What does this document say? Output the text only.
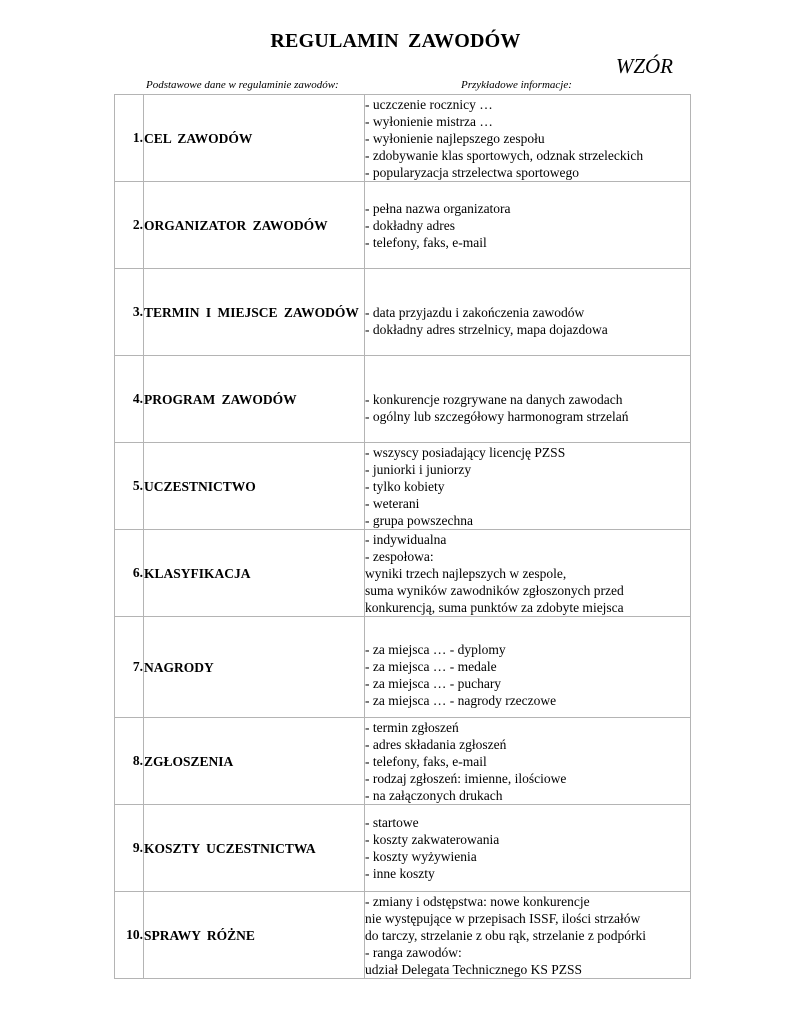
REGULAMIN ZAWODÓW
WZÓR
Podstawowe dane w regulaminie zawodów:	Przykładowe informacje:
1.	CEL ZAWODÓW	- uczczenie rocznicy …
- wyłonienie mistrza …
- wyłonienie najlepszego zespołu
- zdobywanie klas sportowych, odznak strzeleckich
- popularyzacja strzelectwa sportowego

2.	ORGANIZATOR ZAWODÓW	- pełna nazwa organizatora
- dokładny adres
- telefony, faks, e-mail

3.	TERMIN I MIEJSCE ZAWODÓW	- data przyjazdu i zakończenia zawodów
- dokładny adres strzelnicy, mapa dojazdowa

4.	PROGRAM ZAWODÓW	- konkurencje rozgrywane na danych zawodach
- ogólny lub szczegółowy harmonogram strzelań

5.	UCZESTNICTWO	- wszyscy posiadający licencję PZSS
- juniorki i juniorzy
- tylko kobiety
- weterani
- grupa powszechna

6.	KLASYFIKACJA	- indywidualna
- zespołowa:
wyniki trzech najlepszych w zespole,
suma wyników zawodników zgłoszonych przed
konkurencją, suma punktów za zdobyte miejsca

7.	NAGRODY	- za miejsca … - dyplomy
- za miejsca … - medale
- za miejsca … - puchary
- za miejsca … - nagrody rzeczowe

8.	ZGŁOSZENIA	- termin zgłoszeń
- adres składania zgłoszeń
- telefony, faks, e-mail
- rodzaj zgłoszeń: imienne, ilościowe
- na załączonych drukach

9.	KOSZTY UCZESTNICTWA	- startowe
- koszty zakwaterowania
- koszty wyżywienia
- inne koszty

10.	SPRAWY RÓŻNE	- zmiany i odstępstwa: nowe konkurencje
nie występujące w przepisach ISSF, ilości strzałów
do tarczy, strzelanie z obu rąk, strzelanie z podpórki
- ranga zawodów:
udział Delegata Technicznego KS PZSS
